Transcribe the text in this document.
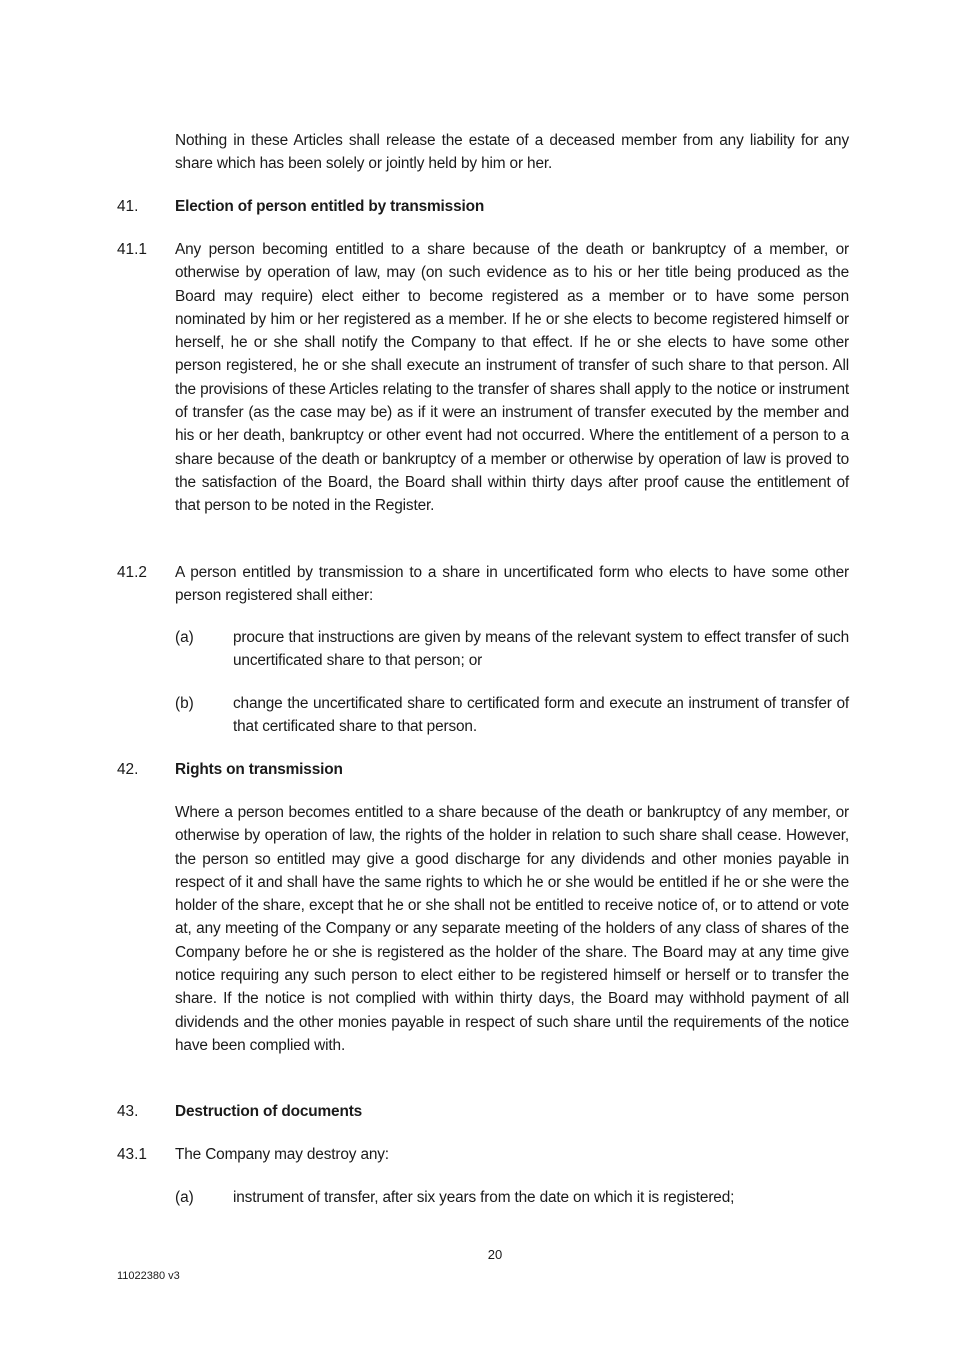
Nothing in these Articles shall release the estate of a deceased member from any liability for any share which has been solely or jointly held by him or her.
41. Election of person entitled by transmission
41.1 Any person becoming entitled to a share because of the death or bankruptcy of a member, or otherwise by operation of law, may (on such evidence as to his or her title being produced as the Board may require) elect either to become registered as a member or to have some person nominated by him or her registered as a member. If he or she elects to become registered himself or herself, he or she shall notify the Company to that effect. If he or she elects to have some other person registered, he or she shall execute an instrument of transfer of such share to that person. All the provisions of these Articles relating to the transfer of shares shall apply to the notice or instrument of transfer (as the case may be) as if it were an instrument of transfer executed by the member and his or her death, bankruptcy or other event had not occurred. Where the entitlement of a person to a share because of the death or bankruptcy of a member or otherwise by operation of law is proved to the satisfaction of the Board, the Board shall within thirty days after proof cause the entitlement of that person to be noted in the Register.
41.2 A person entitled by transmission to a share in uncertificated form who elects to have some other person registered shall either:
(a)	procure that instructions are given by means of the relevant system to effect transfer of such uncertificated share to that person; or
(b)	change the uncertificated share to certificated form and execute an instrument of transfer of that certificated share to that person.
42. Rights on transmission
Where a person becomes entitled to a share because of the death or bankruptcy of any member, or otherwise by operation of law, the rights of the holder in relation to such share shall cease. However, the person so entitled may give a good discharge for any dividends and other monies payable in respect of it and shall have the same rights to which he or she would be entitled if he or she were the holder of the share, except that he or she shall not be entitled to receive notice of, or to attend or vote at, any meeting of the Company or any separate meeting of the holders of any class of shares of the Company before he or she is registered as the holder of the share. The Board may at any time give notice requiring any such person to elect either to be registered himself or herself or to transfer the share. If the notice is not complied with within thirty days, the Board may withhold payment of all dividends and the other monies payable in respect of such share until the requirements of the notice have been complied with.
43. Destruction of documents
43.1 The Company may destroy any:
(a)	instrument of transfer, after six years from the date on which it is registered;
20
11022380 v3
